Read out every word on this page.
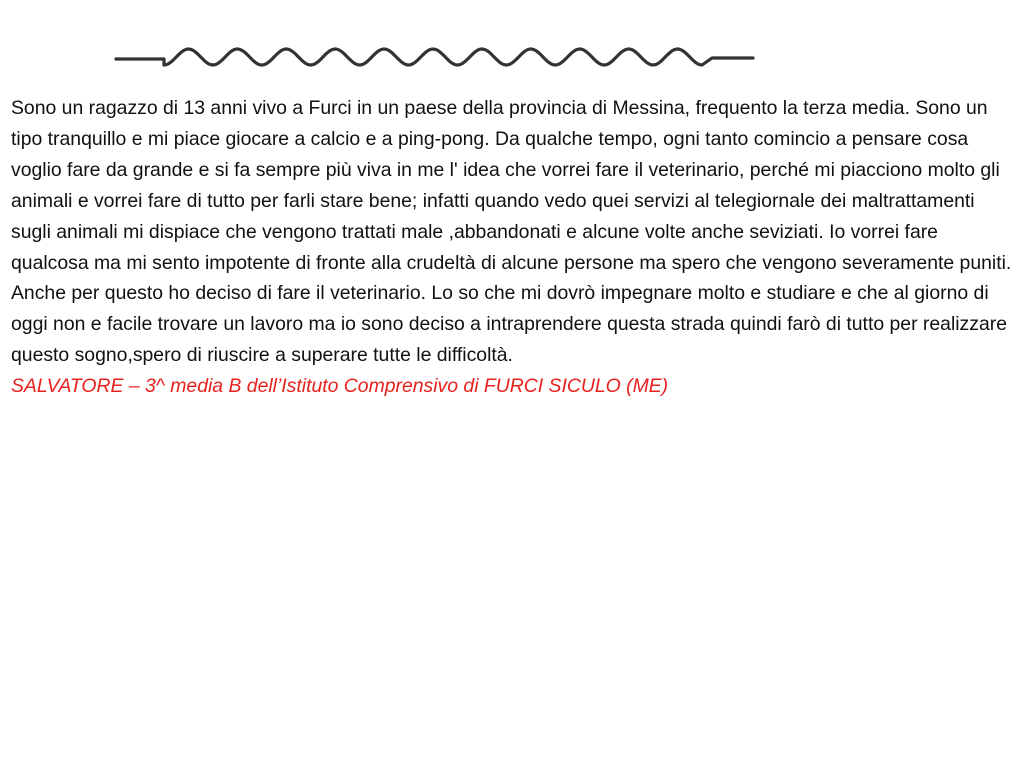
Sono un ragazzo di 13 anni vivo a Furci in un paese della provincia di Messina, frequento la terza media. Sono un tipo tranquillo e mi piace giocare a calcio e a ping-pong. Da qualche tempo, ogni tanto comincio a pensare cosa voglio fare da grande e si fa sempre più viva in me l' idea che vorrei fare il veterinario, perché mi piacciono molto gli animali e vorrei fare di tutto per farli stare bene; infatti quando vedo quei servizi al telegiornale dei maltrattamenti sugli animali mi dispiace che vengono trattati male ,abbandonati e alcune volte anche seviziati. Io vorrei fare qualcosa ma mi sento impotente di fronte alla crudeltà di alcune persone ma spero che vengono severamente puniti. Anche per questo ho deciso di fare il veterinario. Lo so che mi dovrò impegnare molto e studiare e che al giorno di oggi non e facile trovare un lavoro ma io sono deciso a intraprendere questa strada quindi farò di tutto per realizzare questo sogno,spero di riuscire a superare tutte le difficoltà.

SALVATORE – 3^ media B dell’Istituto Comprensivo di FURCI SICULO (ME)
